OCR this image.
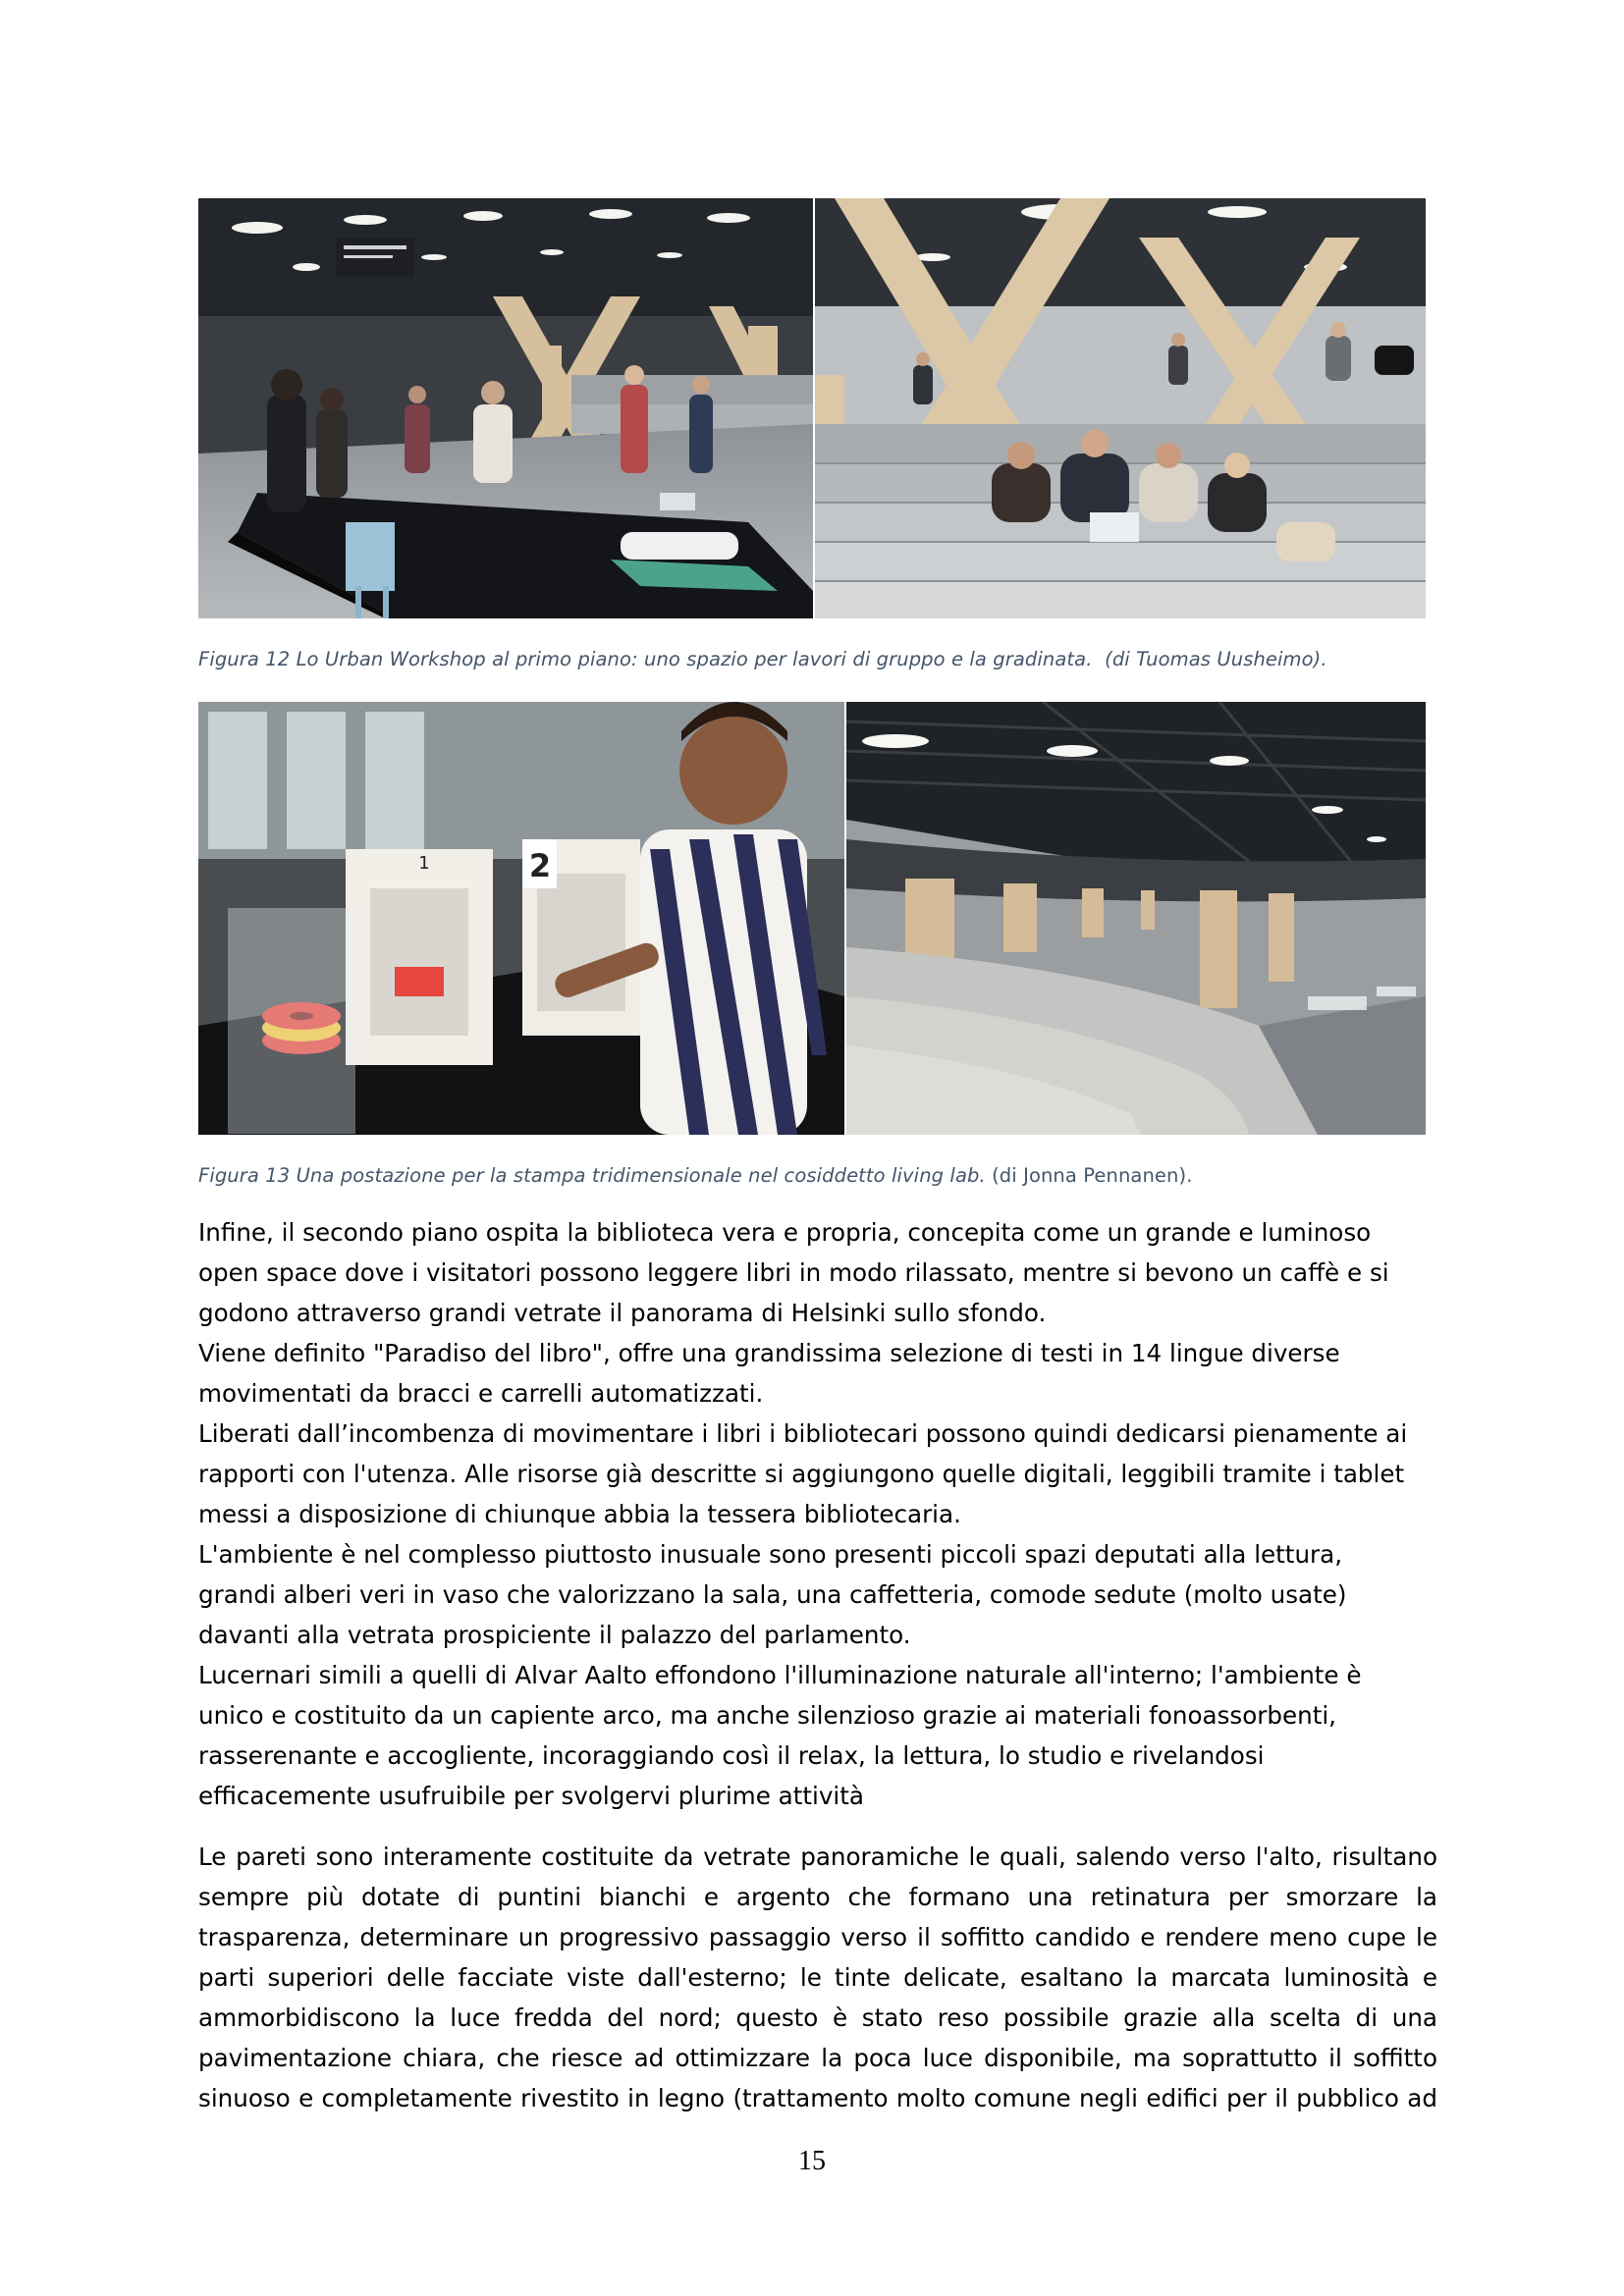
Figura 12 Lo Urban Workshop al primo piano: uno spazio per lavori di gruppo e la gradinata. (di Tuomas Uusheimo).
1	2
Figura 13 Una postazione per la stampa tridimensionale nel cosiddetto living lab. (di Jonna Pennanen).
Infine, il secondo piano ospita la biblioteca vera e propria, concepita come un grande e luminoso
open space dove i visitatori possono leggere libri in modo rilassato, mentre si bevono un caffè e si
godono attraverso grandi vetrate il panorama di Helsinki sullo sfondo.
Viene definito "Paradiso del libro", offre una grandissima selezione di testi in 14 lingue diverse
movimentati da bracci e carrelli automatizzati.
Liberati dall’incombenza di movimentare i libri i bibliotecari possono quindi dedicarsi pienamente ai
rapporti con l'utenza. Alle risorse già descritte si aggiungono quelle digitali, leggibili tramite i tablet
messi a disposizione di chiunque abbia la tessera bibliotecaria.
L'ambiente è nel complesso piuttosto inusuale sono presenti piccoli spazi deputati alla lettura,
grandi alberi veri in vaso che valorizzano la sala, una caffetteria, comode sedute (molto usate)
davanti alla vetrata prospiciente il palazzo del parlamento.
Lucernari simili a quelli di Alvar Aalto effondono l'illuminazione naturale all'interno; l'ambiente è
unico e costituito da un capiente arco, ma anche silenzioso grazie ai materiali fonoassorbenti,
rasserenante e accogliente, incoraggiando così il relax, la lettura, lo studio e rivelandosi
efficacemente usufruibile per svolgervi plurime attività
Le pareti sono interamente costituite da vetrate panoramiche le quali, salendo verso l'alto, risultano
sempre più dotate di puntini bianchi e argento che formano una retinatura per smorzare la
trasparenza, determinare un progressivo passaggio verso il soffitto candido e rendere meno cupe le
parti superiori delle facciate viste dall'esterno; le tinte delicate, esaltano la marcata luminosità e
ammorbidiscono la luce fredda del nord; questo è stato reso possibile grazie alla scelta di una
pavimentazione chiara, che riesce ad ottimizzare la poca luce disponibile, ma soprattutto il soffitto
sinuoso e completamente rivestito in legno (trattamento molto comune negli edifici per il pubblico ad
15
